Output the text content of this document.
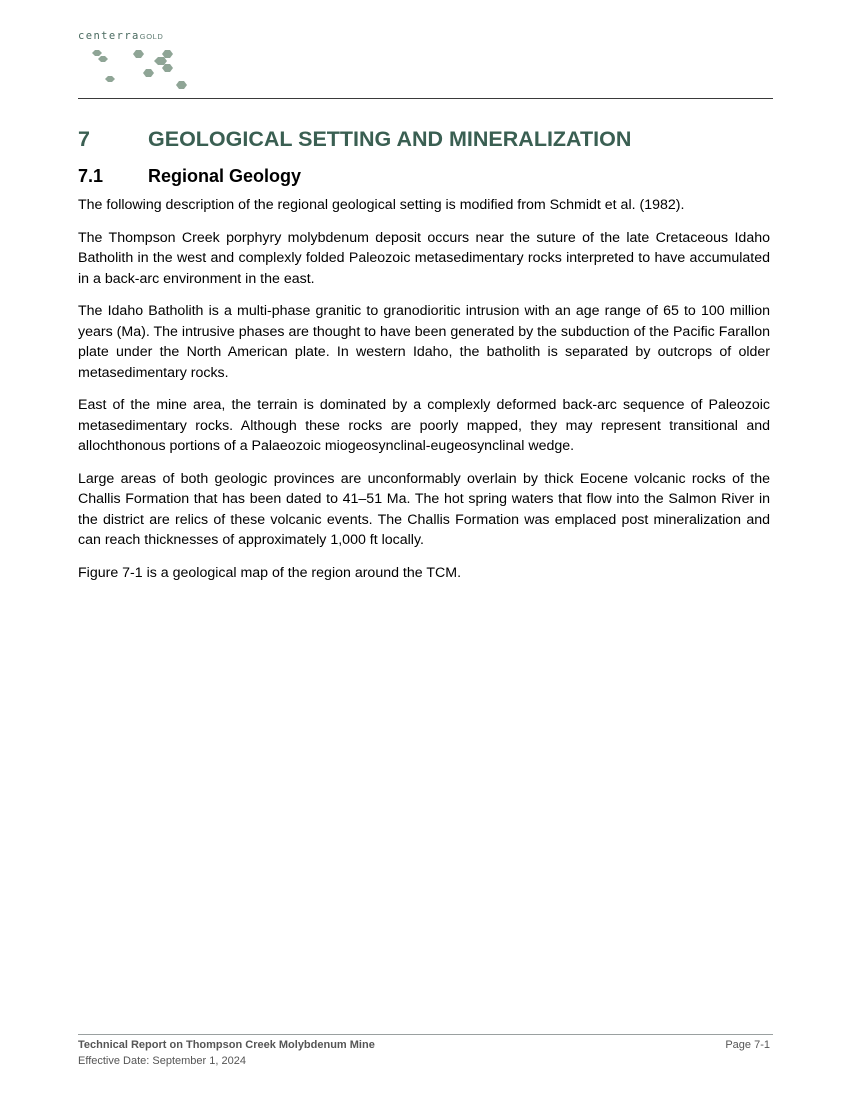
centerraGOLD
7	GEOLOGICAL SETTING AND MINERALIZATION
7.1	Regional Geology

The following description of the regional geological setting is modified from Schmidt et al. (1982).

The Thompson Creek porphyry molybdenum deposit occurs near the suture of the late Cretaceous Idaho Batholith in the west and complexly folded Paleozoic metasedimentary rocks interpreted to have accumulated in a back-arc environment in the east.

The Idaho Batholith is a multi-phase granitic to granodioritic intrusion with an age range of 65 to 100 million years (Ma). The intrusive phases are thought to have been generated by the subduction of the Pacific Farallon plate under the North American plate. In western Idaho, the batholith is separated by outcrops of older metasedimentary rocks.

East of the mine area, the terrain is dominated by a complexly deformed back-arc sequence of Paleozoic metasedimentary rocks. Although these rocks are poorly mapped, they may represent transitional and allochthonous portions of a Palaeozoic miogeosynclinal-eugeosynclinal wedge.

Large areas of both geologic provinces are unconformably overlain by thick Eocene volcanic rocks of the Challis Formation that has been dated to 41–51 Ma. The hot spring waters that flow into the Salmon River in the district are relics of these volcanic events. The Challis Formation was emplaced post mineralization and can reach thicknesses of approximately 1,000 ft locally.

Figure 7-1 is a geological map of the region around the TCM.

Technical Report on Thompson Creek Molybdenum Mine
Effective Date: September 1, 2024
Page 7-1
